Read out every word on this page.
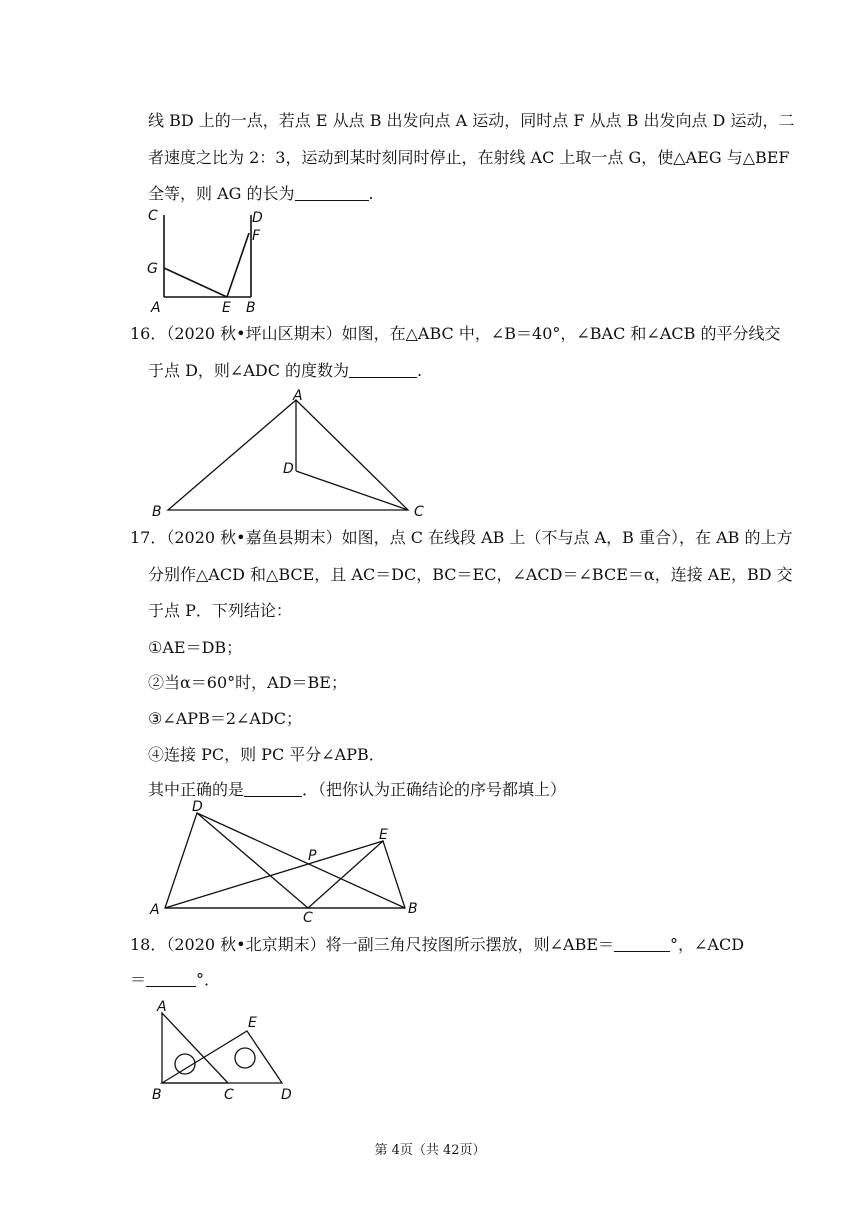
线 BD 上的一点，若点 E 从点 B 出发向点 A 运动，同时点 F 从点 B 出发向点 D 运动，二
者速度之比为 2：3，运动到某时刻同时停止，在射线 AC 上取一点 G，使△AEG 与△BEF
全等，则 AG 的长为	.
C	D
F
G
A	E B
16．（2020 秋•坪山区期末）如图，在△ABC 中，∠B＝40°，∠BAC 和∠ACB 的平分线交
于点 D，则∠ADC 的度数为	.
A
D
B	C
17．（2020 秋•嘉鱼县期末）如图，点 C 在线段 AB 上（不与点 A，B 重合），在 AB 的上方
分别作△ACD 和△BCE，且 AC＝DC，BC＝EC，∠ACD＝∠BCE＝α，连接 AE，BD 交
于点 P．下列结论：
①AE＝DB；
②当α＝60°时，AD＝BE；
③∠APB＝2∠ADC；
④连接 PC，则 PC 平分∠APB．
其中正确的是	．（把你认为正确结论的序号都填上）
D
E
P
A	C
B
18．（2020 秋•北京期末）将一副三角尺按图所示摆放，则∠ABE＝	°，∠ACD
＝	°．
A
E
B	C	D
第 4页（共 42页）
